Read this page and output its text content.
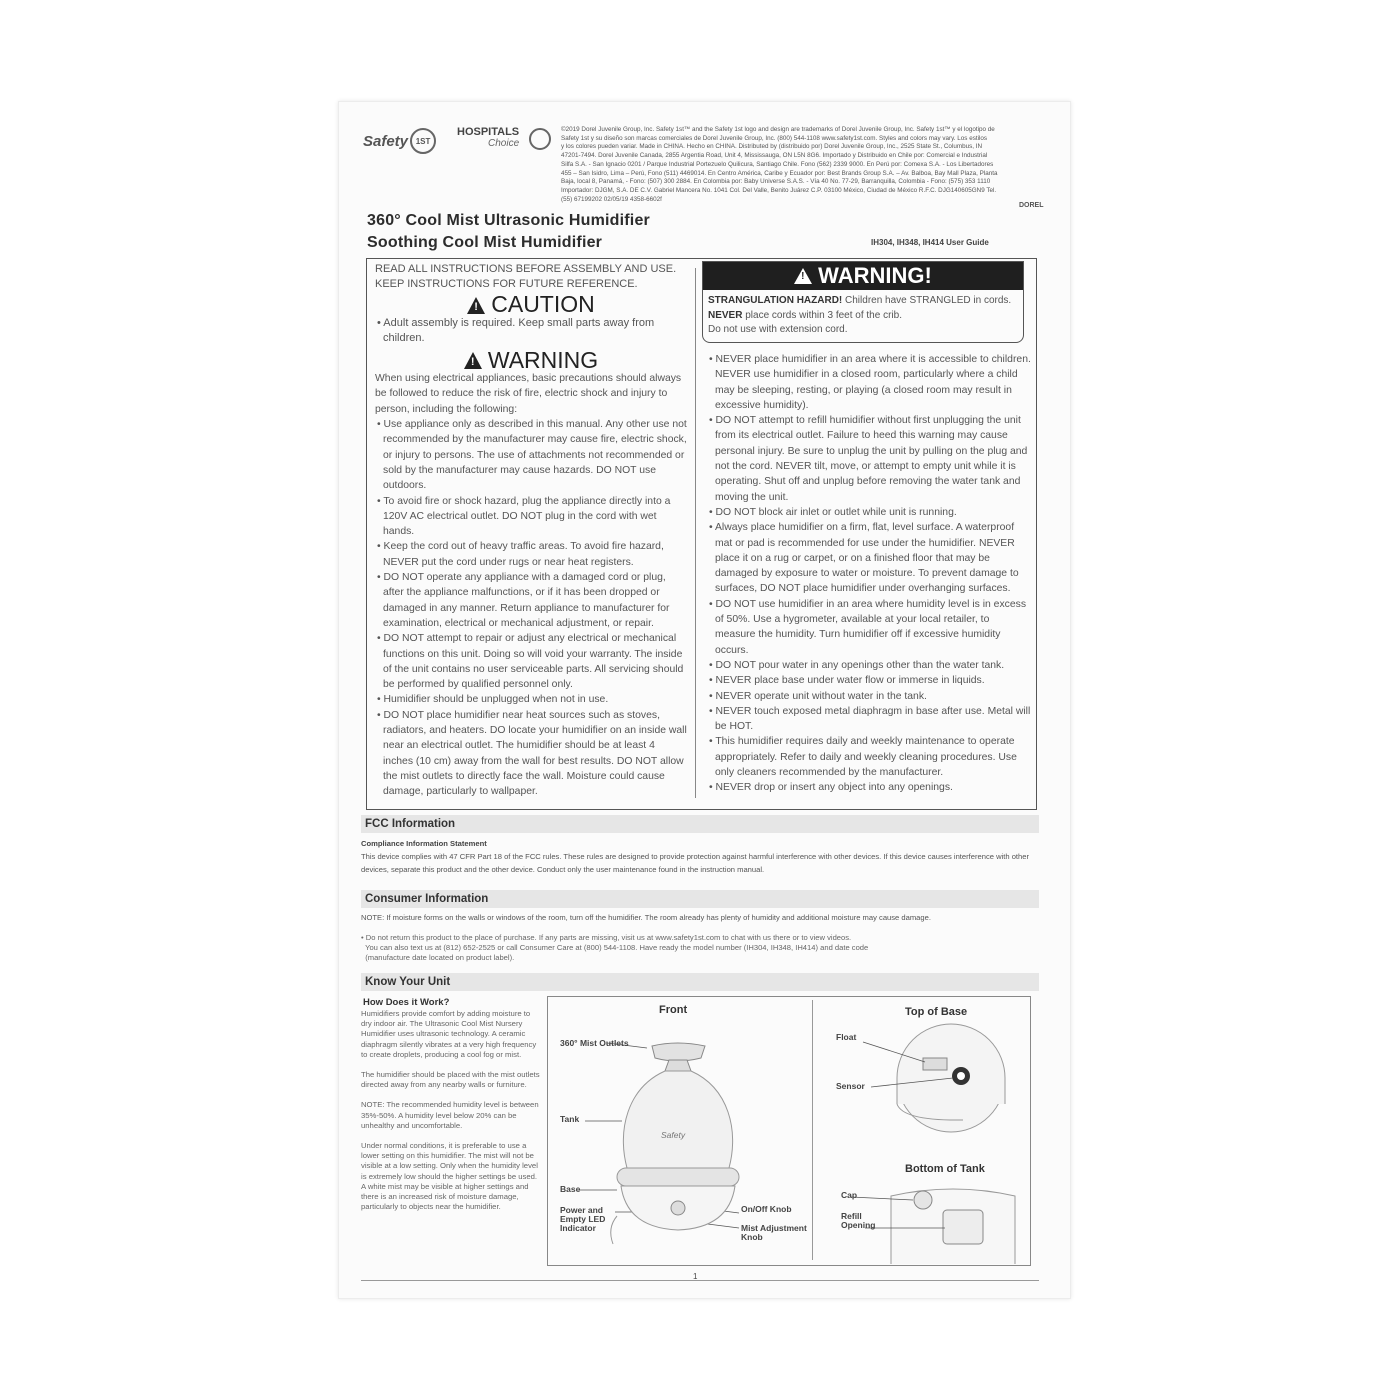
Safety 1ST
HOSPITALS
Choice
©2019 Dorel Juvenile Group, Inc. Safety 1st™ and the Safety 1st logo and design are trademarks of Dorel Juvenile Group, Inc. Safety 1st™ y el logotipo de
Safety 1st y su diseño son marcas comerciales de Dorel Juvenile Group, Inc. (800) 544-1108 www.safety1st.com. Styles and colors may vary. Los estilos
y los colores pueden variar. Made in CHINA. Hecho en CHINA. Distributed by (distribuido por) Dorel Juvenile Group, Inc., 2525 State St., Columbus, IN
47201-7494. Dorel Juvenile Canada, 2855 Argentia Road, Unit 4, Mississauga, ON L5N 8G6. Importado y Distribuido en Chile por: Comercial e Industrial
Silfa S.A. - San Ignacio 0201 / Parque Industrial Portezuelo Quilicura, Santiago Chile. Fono (562) 2339 9000. En Perú por: Comexa S.A. - Los Libertadores
455 – San Isidro, Lima – Perú, Fono (511) 4469014. En Centro América, Caribe y Ecuador por: Best Brands Group S.A. – Av. Balboa, Bay Mall Plaza, Planta
Baja, local 8, Panamá, - Fono: (507) 300 2884. En Colombia por: Baby Universe S.A.S. - Vía 40 No. 77-29, Barranquilla, Colombia - Fono: (575) 353 1110
Importador: DJGM, S.A. DE C.V. Gabriel Mancera No. 1041 Col. Del Valle, Benito Juárez C.P. 03100 México, Ciudad de México R.F.C. DJG140605GN9 Tel.
(55) 67199202 02/05/19 4358-6602f
DOREL
360° Cool Mist Ultrasonic Humidifier
Soothing Cool Mist Humidifier	IH304, IH348, IH414 User Guide
READ ALL INSTRUCTIONS BEFORE ASSEMBLY AND USE.
KEEP INSTRUCTIONS FOR FUTURE REFERENCE.
!
CAUTION
• Adult assembly is required. Keep small parts away from children.
!
WARNING
When using electrical appliances, basic precautions should always be followed to reduce the risk of fire, electric shock and injury to person, including the following:
• Use appliance only as described in this manual. Any other use not recommended by the manufacturer may cause fire, electric shock, or injury to persons. The use of attachments not recommended or sold by the manufacturer may cause hazards. DO NOT use outdoors.
• To avoid fire or shock hazard, plug the appliance directly into a 120V AC electrical outlet. DO NOT plug in the cord with wet hands.
• Keep the cord out of heavy traffic areas. To avoid fire hazard, NEVER put the cord under rugs or near heat registers.
• DO NOT operate any appliance with a damaged cord or plug, after the appliance malfunctions, or if it has been dropped or damaged in any manner. Return appliance to manufacturer for examination, electrical or mechanical adjustment, or repair.
• DO NOT attempt to repair or adjust any electrical or mechanical functions on this unit. Doing so will void your warranty. The inside of the unit contains no user serviceable parts. All servicing should be performed by qualified personnel only.
• Humidifier should be unplugged when not in use.
• DO NOT place humidifier near heat sources such as stoves, radiators, and heaters. DO locate your humidifier on an inside wall near an electrical outlet. The humidifier should be at least 4 inches (10 cm) away from the wall for best results. DO NOT allow the mist outlets to directly face the wall. Moisture could cause damage, particularly to wallpaper.
!
WARNING!
STRANGULATION HAZARD! Children have STRANGLED in cords.
NEVER place cords within 3 feet of the crib.
Do not use with extension cord.
• NEVER place humidifier in an area where it is accessible to children. NEVER use humidifier in a closed room, particularly where a child may be sleeping, resting, or playing (a closed room may result in excessive humidity).
• DO NOT attempt to refill humidifier without first unplugging the unit from its electrical outlet. Failure to heed this warning may cause personal injury. Be sure to unplug the unit by pulling on the plug and not the cord. NEVER tilt, move, or attempt to empty unit while it is operating. Shut off and unplug before removing the water tank and moving the unit.
• DO NOT block air inlet or outlet while unit is running.
• Always place humidifier on a firm, flat, level surface. A waterproof mat or pad is recommended for use under the humidifier. NEVER place it on a rug or carpet, or on a finished floor that may be damaged by exposure to water or moisture. To prevent damage to surfaces, DO NOT place humidifier under overhanging surfaces.
• DO NOT use humidifier in an area where humidity level is in excess of 50%. Use a hygrometer, available at your local retailer, to measure the humidity. Turn humidifier off if excessive humidity occurs.
• DO NOT pour water in any openings other than the water tank.
• NEVER place base under water flow or immerse in liquids.
• NEVER operate unit without water in the tank.
• NEVER touch exposed metal diaphragm in base after use. Metal will be HOT.
• This humidifier requires daily and weekly maintenance to operate appropriately. Refer to daily and weekly cleaning procedures. Use only cleaners recommended by the manufacturer.
• NEVER drop or insert any object into any openings.
FCC Information
Compliance Information Statement
This device complies with 47 CFR Part 18 of the FCC rules. These rules are designed to provide protection against harmful interference with other devices. If this device causes interference with other devices, separate this product and the other device. Conduct only the user maintenance found in the instruction manual.
Consumer Information
NOTE: If moisture forms on the walls or windows of the room, turn off the humidifier. The room already has plenty of humidity and additional moisture may cause damage.
• Do not return this product to the place of purchase. If any parts are missing, visit us at www.safety1st.com to chat with us there or to view videos.
You can also text us at (812) 652-2525 or call Consumer Care at (800) 544-1108. Have ready the model number (IH304, IH348, IH414) and date code
(manufacture date located on product label).
Know Your Unit
How Does it Work?

Humidifiers provide comfort by adding moisture to dry indoor air. The Ultrasonic Cool Mist Nursery Humidifier uses ultrasonic technology. A ceramic diaphragm silently vibrates at a very high frequency to create droplets, producing a cool fog or mist.

The humidifier should be placed with the mist outlets directed away from any nearby walls or furniture.

NOTE: The recommended humidity level is between 35%-50%. A humidity level below 20% can be unhealthy and uncomfortable.

Under normal conditions, it is preferable to use a lower setting on this humidifier. The mist will not be visible at a low setting. Only when the humidity level is extremely low should the higher settings be used. A white mist may be visible at higher settings and there is an increased risk of moisture damage, particularly to objects near the humidifier.

Front
360° Mist Outlets
Tank
Base
Power and
Empty LED
Indicator
On/Off Knob
Mist Adjustment
Knob
Safety
Top of Base
Float
Sensor
Bottom of Tank
Cap
Refill
Opening
1
